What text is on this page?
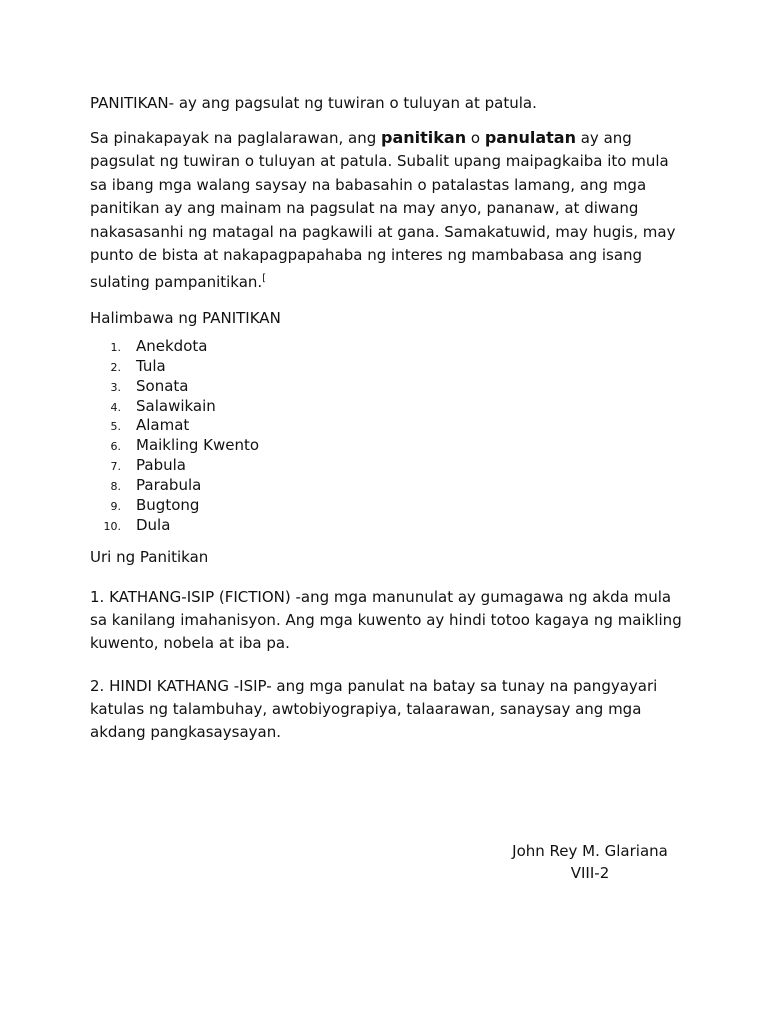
PANITIKAN- ay ang pagsulat ng tuwiran o tuluyan at patula.

Sa pinakapayak na paglalarawan, ang panitikan o panulatan ay ang pagsulat ng tuwiran o tuluyan at patula. Subalit upang maipagkaiba ito mula sa ibang mga walang saysay na babasahin o patalastas lamang, ang mga panitikan ay ang mainam na pagsulat na may anyo, pananaw, at diwang nakasasanhi ng matagal na pagkawili at gana. Samakatuwid, may hugis, may punto de bista at nakapagpapahaba ng interes ng mambabasa ang isang sulating pampanitikan.[

Halimbawa ng PANITIKAN

1.	Anekdota
2.	Tula
3.	Sonata
4.	Salawikain
5.	Alamat
6.	Maikling Kwento
7.	Pabula
8.	Parabula
9.	Bugtong
10.	Dula

Uri ng Panitikan

1. KATHANG-ISIP (FICTION) -ang mga manunulat ay gumagawa ng akda mula sa kanilang imahanisyon. Ang mga kuwento ay hindi totoo kagaya ng maikling kuwento, nobela at iba pa.

2. HINDI KATHANG -ISIP- ang mga panulat na batay sa tunay na pangyayari katulas ng talambuhay, awtobiyograpiya, talaarawan, sanaysay ang mga akdang pangkasaysayan.

John Rey M. Glariana
VIII-2
